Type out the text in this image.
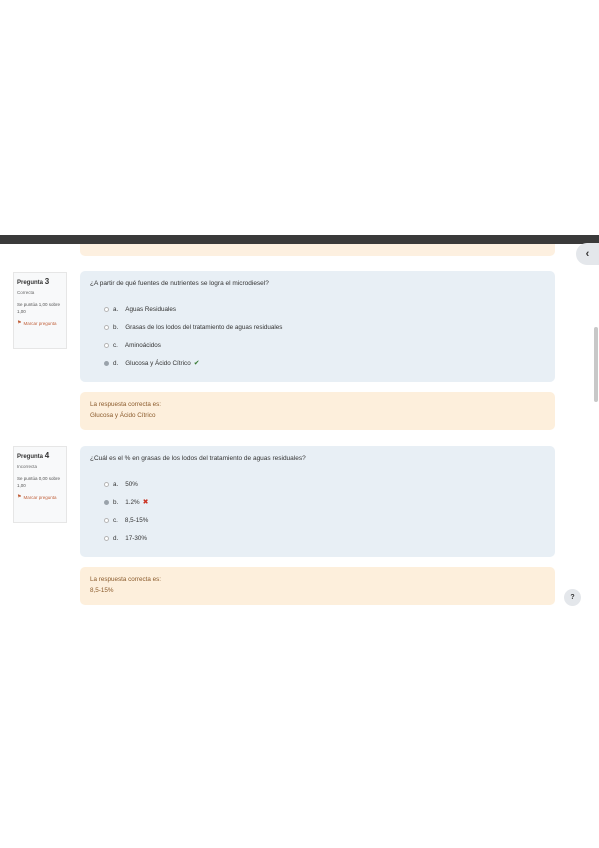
‹
Pregunta 3
Correcta
Se puntúa 1,00 sobre 1,00
⚑ Marcar pregunta
¿A partir de qué fuentes de nutrientes se logra el microdiesel?
a. Aguas Residuales
b. Grasas de los lodos del tratamiento de aguas residuales
c. Aminoácidos
d. Glucosa y Ácido Cítrico ✔
La respuesta correcta es:
Glucosa y Ácido Cítrico
Pregunta 4
Incorrecta
Se puntúa 0,00 sobre 1,00
⚑ Marcar pregunta
¿Cuál es el % en grasas de los lodos del tratamiento de aguas residuales?
a. 50%
b. 1.2% ✖
c. 8,5-15%
d. 17-30%
La respuesta correcta es:
8,5-15%
?
